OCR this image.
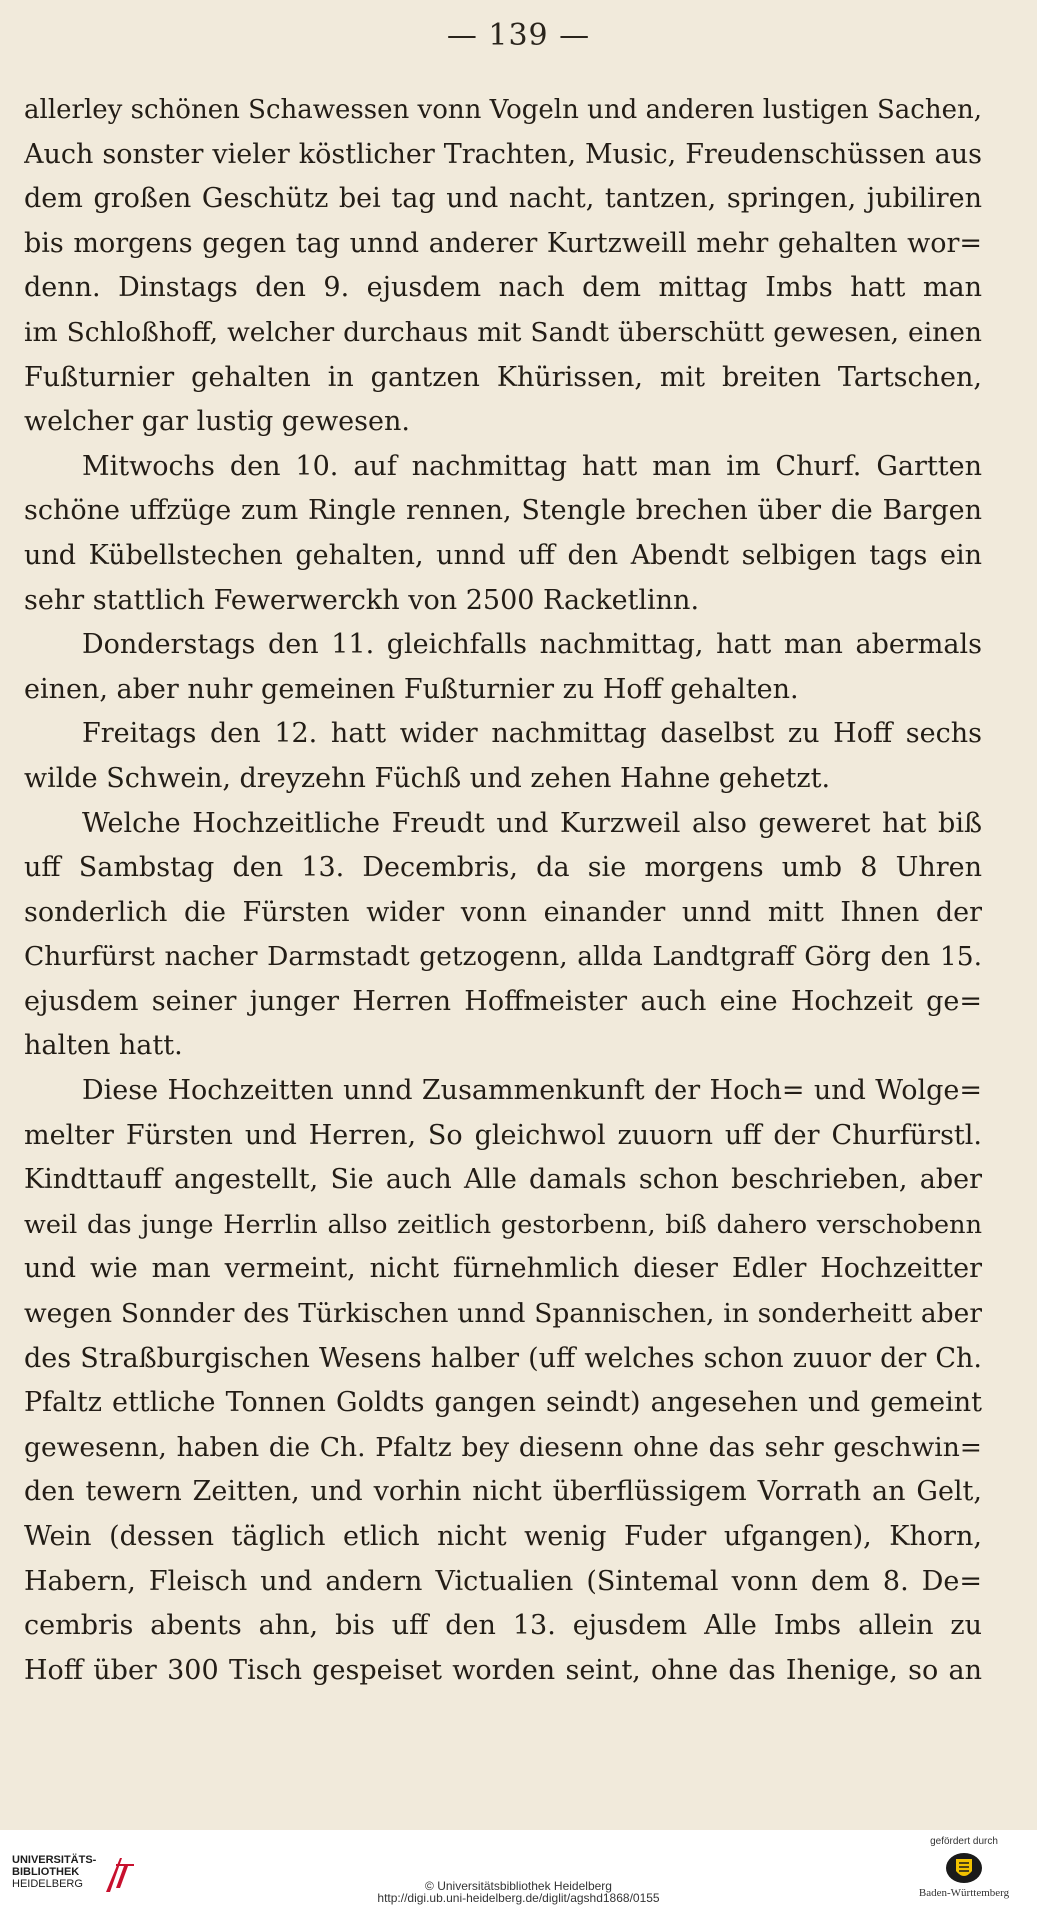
— 139 —
allerley schönen Schawessen vonn Vogeln und anderen lustigen Sachen,
Auch sonster vieler köstlicher Trachten, Music, Freudenschüssen aus
dem großen Geschütz bei tag und nacht, tantzen, springen, jubiliren
bis morgens gegen tag unnd anderer Kurtzweill mehr gehalten wor=
denn. Dinstags den 9. ejusdem nach dem mittag Imbs hatt man
im Schloßhoff, welcher durchaus mit Sandt überschütt gewesen, einen
Fußturnier gehalten in gantzen Khürissen, mit breiten Tartschen,
welcher gar lustig gewesen.
Mitwochs den 10. auf nachmittag hatt man im Churf. Gartten
schöne uffzüge zum Ringle rennen, Stengle brechen über die Bargen
und Kübellstechen gehalten, unnd uff den Abendt selbigen tags ein
sehr stattlich Fewerwerckh von 2500 Racketlinn.
Donderstags den 11. gleichfalls nachmittag, hatt man abermals
einen, aber nuhr gemeinen Fußturnier zu Hoff gehalten.
Freitags den 12. hatt wider nachmittag daselbst zu Hoff sechs
wilde Schwein, dreyzehn Füchß und zehen Hahne gehetzt.
Welche Hochzeitliche Freudt und Kurzweil also geweret hat biß
uff Sambstag den 13. Decembris, da sie morgens umb 8 Uhren
sonderlich die Fürsten wider vonn einander unnd mitt Ihnen der
Churfürst nacher Darmstadt getzogenn, allda Landtgraff Görg den 15.
ejusdem seiner junger Herren Hoffmeister auch eine Hochzeit ge=
halten hatt.
Diese Hochzeitten unnd Zusammenkunft der Hoch= und Wolge=
melter Fürsten und Herren, So gleichwol zuuorn uff der Churfürstl.
Kindttauff angestellt, Sie auch Alle damals schon beschrieben, aber
weil das junge Herrlin allso zeitlich gestorbenn, biß dahero verschobenn
und wie man vermeint, nicht fürnehmlich dieser Edler Hochzeitter
wegen Sonnder des Türkischen unnd Spannischen, in sonderheitt aber
des Straßburgischen Wesens halber (uff welches schon zuuor der Ch.
Pfaltz ettliche Tonnen Goldts gangen seindt) angesehen und gemeint
gewesenn, haben die Ch. Pfaltz bey diesenn ohne das sehr geschwin=
den tewern Zeitten, und vorhin nicht überflüssigem Vorrath an Gelt,
Wein (dessen täglich etlich nicht wenig Fuder ufgangen), Khorn,
Habern, Fleisch und andern Victualien (Sintemal vonn dem 8. De=
cembris abents ahn, bis uff den 13. ejusdem Alle Imbs allein zu
Hoff über 300 Tisch gespeiset worden seint, ohne das Ihenige, so an
UNIVERSITÄTS-
BIBLIOTHEK
HEIDELBERG	© Universitätsbibliothek Heidelberg
http://digi.ub.uni-heidelberg.de/diglit/agshd1868/0155
gefördert durch
Baden-Württemberg
